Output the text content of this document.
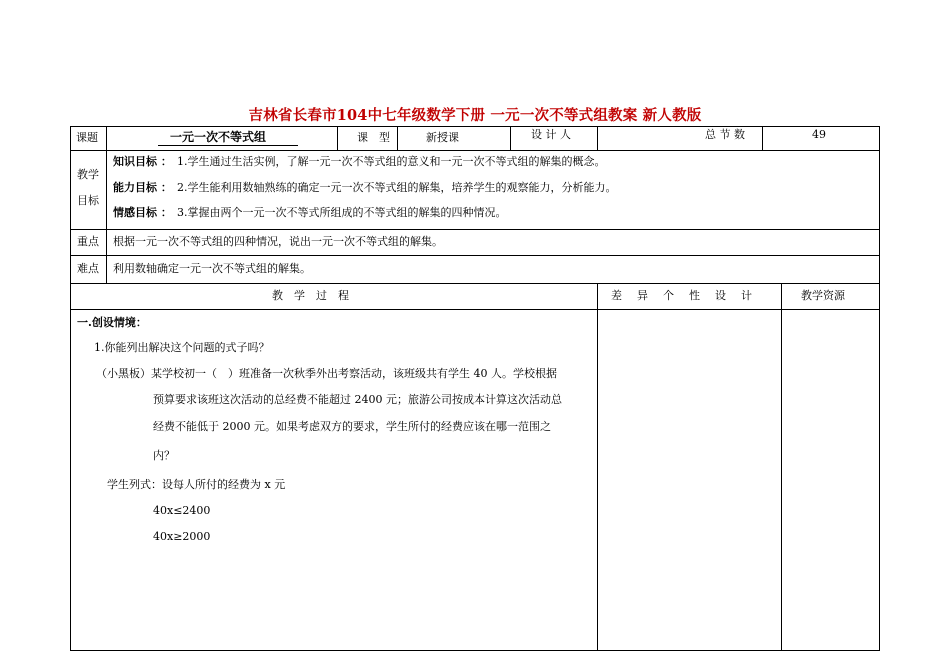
吉林省长春市104中七年级数学下册 一元一次不等式组教案 新人教版
课题	一元一次不等式组	课　型	新授课	设 计 人	总 节 数	49
教学
目标
知识目标 ： 1.学生通过生活实例，了解一元一次不等式组的意义和一元一次不等式组的解集的概念。
能力目标 ： 2.学生能利用数轴熟练的确定一元一次不等式组的解集，培养学生的观察能力，分析能力。
情感目标 ： 3.掌握由两个一元一次不等式所组成的不等式组的解集的四种情况。
重点 根据一元一次不等式组的四种情况，说出一元一次不等式组的解集。
难点 利用数轴确定一元一次不等式组的解集。
教　学　过　程	差　异　个　性　设　计	教学资源
一.创设情境：
1.你能列出解决这个问题的式子吗？
（小黑板）某学校初一（　）班准备一次秋季外出考察活动，该班级共有学生 40 人。学校根据
预算要求该班这次活动的总经费不能超过 2400 元；旅游公司按成本计算这次活动总
经费不能低于 2000 元。如果考虑双方的要求，学生所付的经费应该在哪一范围之
内？
学生列式：设每人所付的经费为 x 元
40x≤2400
40x≥2000
